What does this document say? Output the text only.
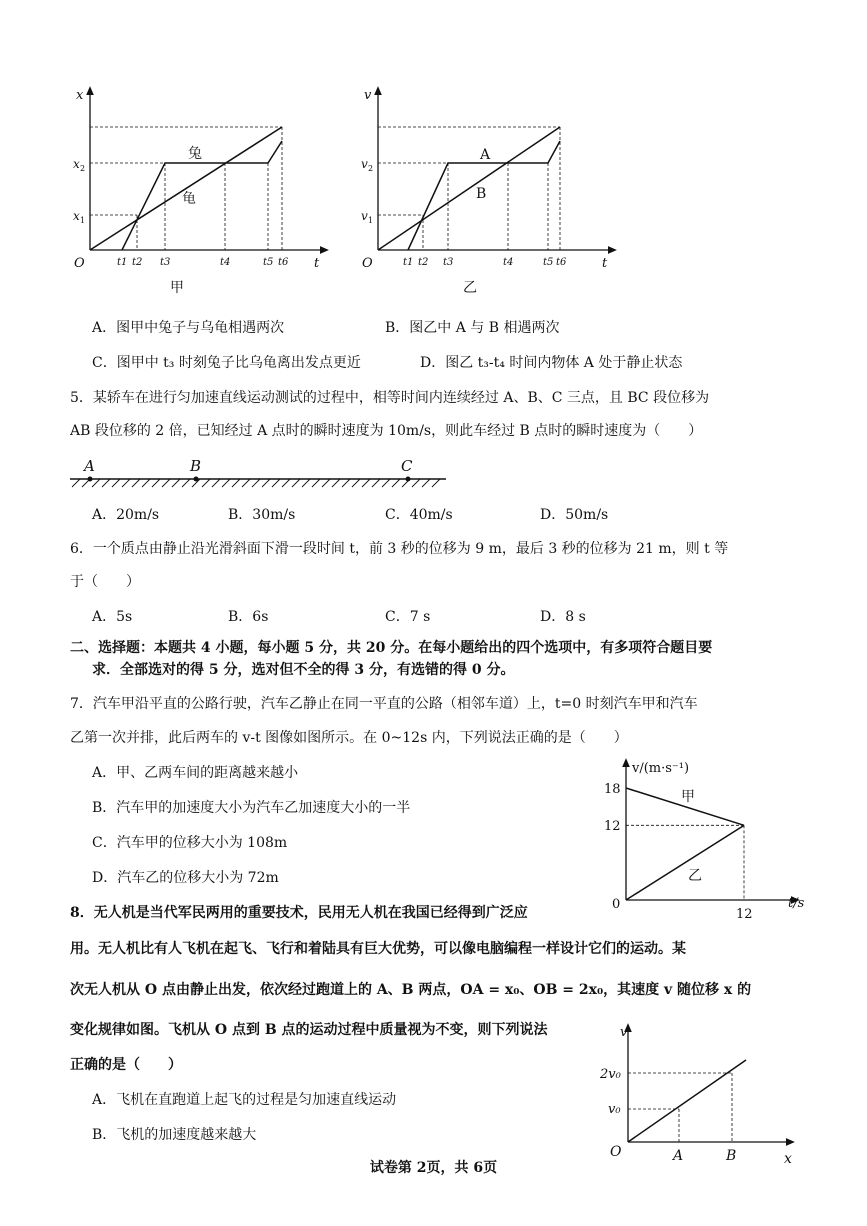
x
t
O
x 2
x 1
t1 t2 t3	t4	t5 t6
兔
龟
甲
v
t
O
v 2
v 1
t1 t2 t3	t4	t5 t6
A
B
乙
A．图甲中兔子与乌龟相遇两次	B．图乙中 A 与 B 相遇两次
C．图甲中 t₃ 时刻兔子比乌龟离出发点更近	D．图乙 t₃-t₄ 时间内物体 A 处于静止状态
5．某轿车在进行匀加速直线运动测试的过程中，相等时间内连续经过 A、B、C 三点，且 BC 段位移为
AB 段位移的 2 倍，已知经过 A 点时的瞬时速度为 10m/s，则此车经过 B 点时的瞬时速度为（　　）
A	B	C
A．20m/s	B．30m/s	C．40m/s	D．50m/s
6．一个质点由静止沿光滑斜面下滑一段时间 t，前 3 秒的位移为 9 m，最后 3 秒的位移为 21 m，则 t 等
于（　　）
A．5s	B．6s	C．7 s	D．8 s
二、选择题：本题共 4 小题，每小题 5 分，共 20 分。在每小题给出的四个选项中，有多项符合题目要
求．全部选对的得 5 分，选对但不全的得 3 分，有选错的得 0 分。
7．汽车甲沿平直的公路行驶，汽车乙静止在同一平直的公路（相邻车道）上，t=0 时刻汽车甲和汽车
乙第一次并排，此后两车的 v-t 图像如图所示。在 0~12s 内，下列说法正确的是（　　）
A．甲、乙两车间的距离越来越小
B．汽车甲的加速度大小为汽车乙加速度大小的一半
C．汽车甲的位移大小为 108m
D．汽车乙的位移大小为 72m
v/(m·s⁻¹)
t/s
0
18
12
12
甲
乙
8．无人机是当代军民两用的重要技术，民用无人机在我国已经得到广泛应
用。无人机比有人飞机在起飞、飞行和着陆具有巨大优势，可以像电脑编程一样设计它们的运动。某
次无人机从 O 点由静止出发，依次经过跑道上的 A、B 两点，OA = x₀、OB = 2x₀，其速度 v 随位移 x 的
变化规律如图。飞机从 O 点到 B 点的运动过程中质量视为不变，则下列说法
正确的是（　　）
A．飞机在直跑道上起飞的过程是匀加速直线运动
B．飞机的加速度越来越大
v
x
O
2v₀
v₀
A	B
试卷第 2页，共 6页
